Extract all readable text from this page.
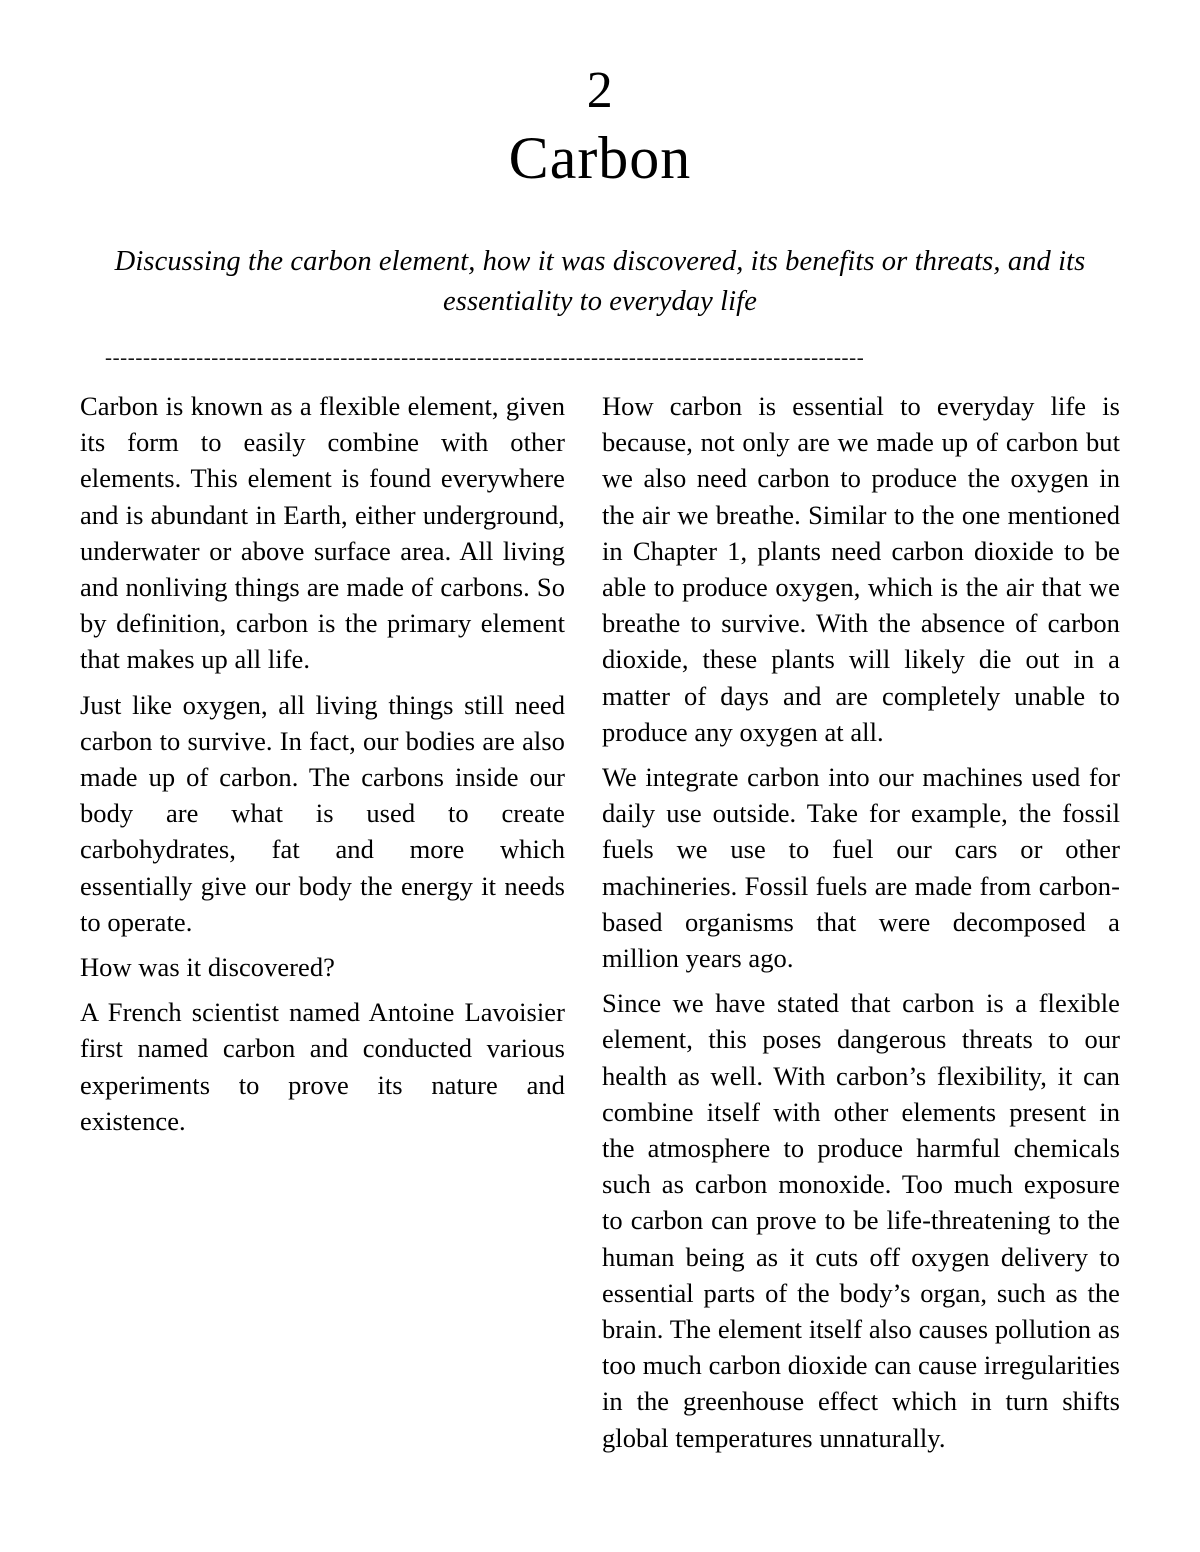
2
Carbon
Discussing the carbon element, how it was discovered, its benefits or threats, and its essentiality to everyday life
----------------------------------------------------------------------------------------------------

Carbon is known as a flexible element, given its form to easily combine with other elements. This element is found everywhere and is abundant in Earth, either underground, underwater or above surface area. All living and nonliving things are made of carbons. So by definition, carbon is the primary element that makes up all life.

Just like oxygen, all living things still need carbon to survive. In fact, our bodies are also made up of carbon. The carbons inside our body are what is used to create carbohydrates, fat and more which essentially give our body the energy it needs to operate.

How was it discovered?

A French scientist named Antoine Lavoisier first named carbon and conducted various experiments to prove its nature and existence.

How carbon is essential to everyday life is because, not only are we made up of carbon but we also need carbon to produce the oxygen in the air we breathe. Similar to the one mentioned in Chapter 1, plants need carbon dioxide to be able to produce oxygen, which is the air that we breathe to survive. With the absence of carbon dioxide, these plants will likely die out in a matter of days and are completely unable to produce any oxygen at all.

We integrate carbon into our machines used for daily use outside. Take for example, the fossil fuels we use to fuel our cars or other machineries. Fossil fuels are made from carbon-based organisms that were decomposed a million years ago.

Since we have stated that carbon is a flexible element, this poses dangerous threats to our health as well. With carbon’s flexibility, it can combine itself with other elements present in the atmosphere to produce harmful chemicals such as carbon monoxide. Too much exposure to carbon can prove to be life-threatening to the human being as it cuts off oxygen delivery to essential parts of the body’s organ, such as the brain. The element itself also causes pollution as too much carbon dioxide can cause irregularities in the greenhouse effect which in turn shifts global temperatures unnaturally.
